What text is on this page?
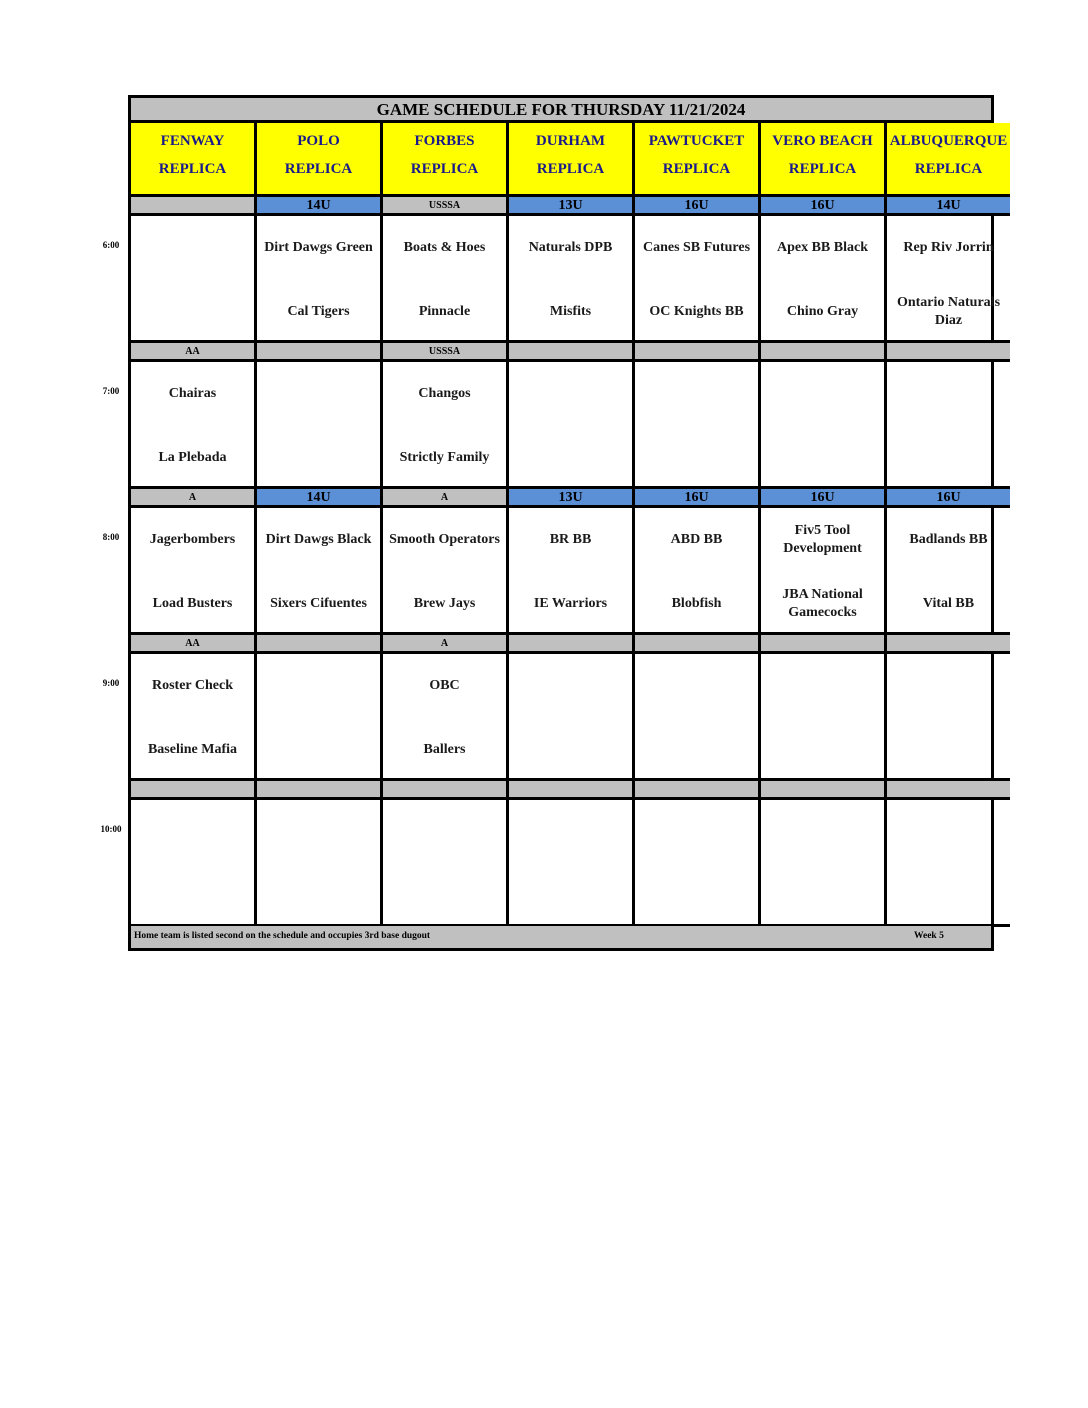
6:00
7:00
8:00
9:00
10:00
GAME SCHEDULE FOR THURSDAY 11/21/2024
FENWAY
REPLICA
AA
Chairas
La Plebada
A
Jagerbombers
Load Busters
AA
Roster Check
Baseline Mafia
POLO
REPLICA
14U
Dirt Dawgs Green
Cal Tigers
14U
Dirt Dawgs Black
Sixers Cifuentes
FORBES
REPLICA
USSSA
Boats & Hoes
Pinnacle
USSSA
Changos
Strictly Family
A
Smooth Operators
Brew Jays
A
OBC
Ballers
DURHAM
REPLICA
13U
Naturals DPB
Misfits
13U
BR BB
IE Warriors
PAWTUCKET
REPLICA
16U
Canes SB Futures
OC Knights BB
16U
ABD BB
Blobfish
VERO BEACH
REPLICA
16U
Apex BB Black
Chino Gray
16U
Fiv5 Tool Development
JBA National Gamecocks
ALBUQUERQUE
REPLICA
14U
Rep Riv Jorrin
Ontario Naturals Diaz
16U
Badlands BB
Vital BB
Home team is listed second on the schedule and occupies 3rd base dugout	Week 5
